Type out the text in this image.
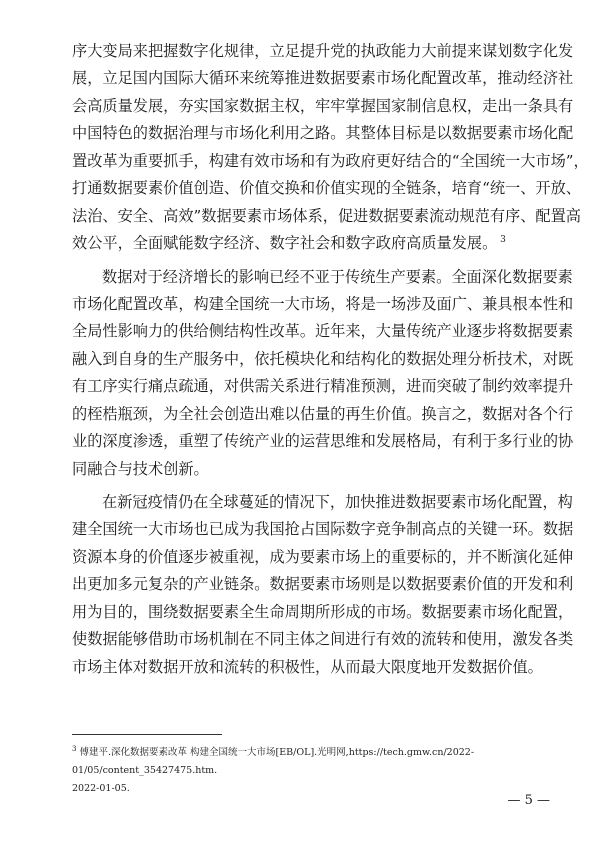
序大变局来把握数字化规律，立足提升党的执政能力大前提来谋划数字化发
展，立足国内国际大循环来统筹推进数据要素市场化配置改革，推动经济社
会高质量发展，夯实国家数据主权，牢牢掌握国家制信息权，走出一条具有
中国特色的数据治理与市场化利用之路。其整体目标是以数据要素市场化配
置改革为重要抓手，构建有效市场和有为政府更好结合的“全国统一大市场”，
打通数据要素价值创造、价值交换和价值实现的全链条，培育“统一、开放、
法治、安全、高效”数据要素市场体系，促进数据要素流动规范有序、配置高
效公平，全面赋能数字经济、数字社会和数字政府高质量发展。 $^3$
数据对于经济增长的影响已经不亚于传统生产要素。全面深化数据要素
市场化配置改革，构建全国统一大市场，将是一场涉及面广、兼具根本性和
全局性影响力的供给侧结构性改革。近年来，大量传统产业逐步将数据要素
融入到自身的生产服务中，依托模块化和结构化的数据处理分析技术，对既
有工序实行痛点疏通，对供需关系进行精准预测，进而突破了制约效率提升
的桎梏瓶颈，为全社会创造出难以估量的再生价值。换言之，数据对各个行
业的深度渗透，重塑了传统产业的运营思维和发展格局，有利于多行业的协
同融合与技术创新。
在新冠疫情仍在全球蔓延的情况下，加快推进数据要素市场化配置，构
建全国统一大市场也已成为我国抢占国际数字竞争制高点的关键一环。数据
资源本身的价值逐步被重视，成为要素市场上的重要标的，并不断演化延伸
出更加多元复杂的产业链条。数据要素市场则是以数据要素价值的开发和利
用为目的，围绕数据要素全生命周期所形成的市场。数据要素市场化配置，
使数据能够借助市场机制在不同主体之间进行有效的流转和使用，激发各类
市场主体对数据开放和流转的积极性，从而最大限度地开发数据价值。
$^3$ 傅建平.深化数据要素改革 构建全国统一大市场[EB/OL].光明网,https://tech.gmw.cn/2022-01/05/content_35427475.htm.
2022-01-05.
— 5 —
